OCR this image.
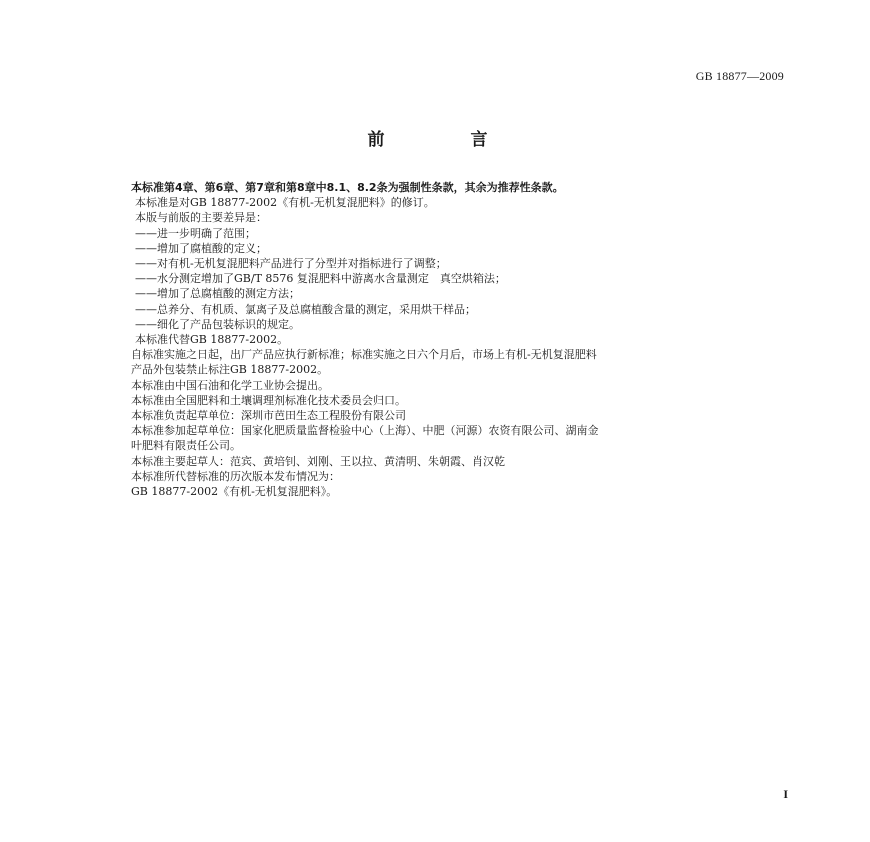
GB 18877—2009
前 言
本标准第4章、第6章、第7章和第8章中8.1、8.2条为强制性条款，其余为推荐性条款。
本标准是对GB 18877-2002《有机-无机复混肥料》的修订。
本版与前版的主要差异是：
——进一步明确了范围；
——增加了腐植酸的定义；
——对有机-无机复混肥料产品进行了分型并对指标进行了调整；
——水分测定增加了GB/T 8576 复混肥料中游离水含量测定　真空烘箱法；
——增加了总腐植酸的测定方法；
——总养分、有机质、氯离子及总腐植酸含量的测定，采用烘干样品；
——细化了产品包装标识的规定。
本标准代替GB 18877-2002。
自标准实施之日起，出厂产品应执行新标准；标准实施之日六个月后，市场上有机-无机复混肥料
产品外包装禁止标注GB 18877-2002。
本标准由中国石油和化学工业协会提出。
本标准由全国肥料和土壤调理剂标准化技术委员会归口。
本标准负责起草单位：深圳市芭田生态工程股份有限公司
本标准参加起草单位：国家化肥质量监督检验中心（上海）、中肥（河源）农资有限公司、湖南金
叶肥料有限责任公司。
本标准主要起草人：范宾、黄培钊、刘刚、王以拉、黄清明、朱朝霞、肖汉乾
本标准所代替标准的历次版本发布情况为：
GB 18877-2002《有机-无机复混肥料》。
I
